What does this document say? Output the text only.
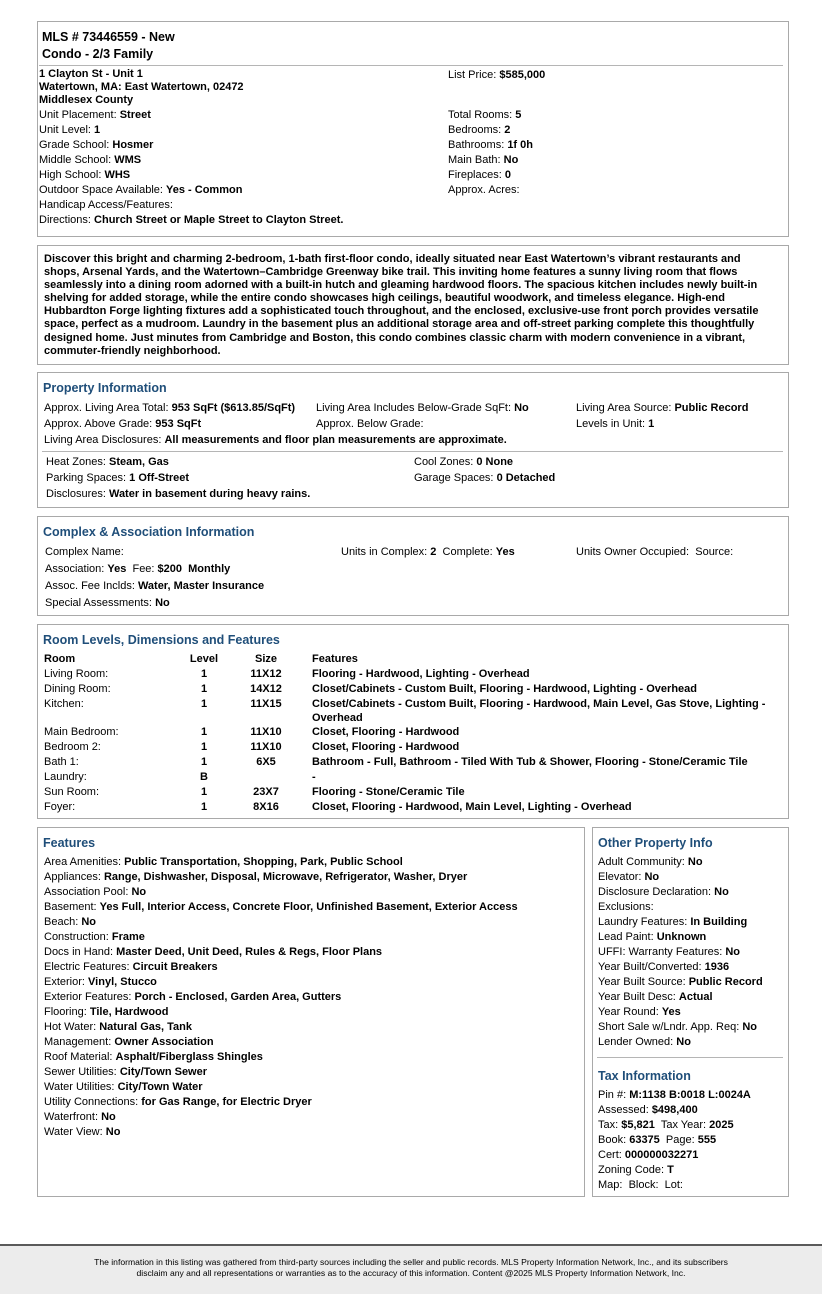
MLS # 73446559 - New
Condo - 2/3 Family
1 Clayton St - Unit 1
Watertown, MA: East Watertown, 02472
Middlesex County
List Price: $585,000
Unit Placement: Street
Unit Level: 1
Grade School: Hosmer
Middle School: WMS
High School: WHS
Outdoor Space Available: Yes - Common
Handicap Access/Features:
Directions: Church Street or Maple Street to Clayton Street.
Total Rooms: 5
Bedrooms: 2
Bathrooms: 1f 0h
Main Bath: No
Fireplaces: 0
Approx. Acres:
Discover this bright and charming 2-bedroom, 1-bath first-floor condo, ideally situated near East Watertown’s vibrant restaurants and shops, Arsenal Yards, and the Watertown–Cambridge Greenway bike trail. This inviting home features a sunny living room that flows seamlessly into a dining room adorned with a built-in hutch and gleaming hardwood floors. The spacious kitchen includes newly built-in shelving for added storage, while the entire condo showcases high ceilings, beautiful woodwork, and timeless elegance. High-end Hubbardton Forge lighting fixtures add a sophisticated touch throughout, and the enclosed, exclusive-use front porch provides versatile space, perfect as a mudroom. Laundry in the basement plus an additional storage area and off-street parking complete this thoughtfully designed home. Just minutes from Cambridge and Boston, this condo combines classic charm with modern convenience in a vibrant, commuter-friendly neighborhood.
Property Information
Approx. Living Area Total: 953 SqFt ($613.85/SqFt) Living Area Includes Below-Grade SqFt: No	Living Area Source: Public Record
Approx. Above Grade: 953 SqFt	Approx. Below Grade:	Levels in Unit: 1
Living Area Disclosures: All measurements and floor plan measurements are approximate.
Heat Zones: Steam, Gas	Cool Zones: 0 None
Parking Spaces: 1 Off-Street	Garage Spaces: 0 Detached
Disclosures: Water in basement during heavy rains.
Complex & Association Information
Complex Name:	Units in Complex: 2 Complete: Yes	Units Owner Occupied: Source:
Association: Yes Fee: $200  Monthly
Assoc. Fee Inclds: Water, Master Insurance
Special Assessments: No
Room Levels, Dimensions and Features
Room	Level	Size	Features
Living Room:	1	11X12	Flooring - Hardwood, Lighting - Overhead
Dining Room:	1	14X12	Closet/Cabinets - Custom Built, Flooring - Hardwood, Lighting - Overhead
Kitchen:	1	11X15	Closet/Cabinets - Custom Built, Flooring - Hardwood, Main Level, Gas Stove, Lighting - Overhead
Main Bedroom:	1	11X10	Closet, Flooring - Hardwood
Bedroom 2:	1	11X10	Closet, Flooring - Hardwood
Bath 1:	1	6X5	Bathroom - Full, Bathroom - Tiled With Tub & Shower, Flooring - Stone/Ceramic Tile
Laundry:	B		-
Sun Room:	1	23X7	Flooring - Stone/Ceramic Tile
Foyer:	1	8X16	Closet, Flooring - Hardwood, Main Level, Lighting - Overhead
Features
Area Amenities: Public Transportation, Shopping, Park, Public School
Appliances: Range, Dishwasher, Disposal, Microwave, Refrigerator, Washer, Dryer
Association Pool: No
Basement: Yes Full, Interior Access, Concrete Floor, Unfinished Basement, Exterior Access
Beach: No
Construction: Frame
Docs in Hand: Master Deed, Unit Deed, Rules & Regs, Floor Plans
Electric Features: Circuit Breakers
Exterior: Vinyl, Stucco
Exterior Features: Porch - Enclosed, Garden Area, Gutters
Flooring: Tile, Hardwood
Hot Water: Natural Gas, Tank
Management: Owner Association
Roof Material: Asphalt/Fiberglass Shingles
Sewer Utilities: City/Town Sewer
Water Utilities: City/Town Water
Utility Connections: for Gas Range, for Electric Dryer
Waterfront: No
Water View: No
Other Property Info
Adult Community: No
Elevator: No
Disclosure Declaration: No
Exclusions:
Laundry Features: In Building
Lead Paint: Unknown
UFFI: Warranty Features: No
Year Built/Converted: 1936
Year Built Source: Public Record
Year Built Desc: Actual
Year Round: Yes
Short Sale w/Lndr. App. Req: No
Lender Owned: No
Tax Information
Pin #: M:1138 B:0018 L:0024A
Assessed: $498,400
Tax: $5,821 Tax Year: 2025
Book: 63375 Page: 555
Cert: 000000032271
Zoning Code: T
Map:  Block:  Lot:
The information in this listing was gathered from third-party sources including the seller and public records. MLS Property Information Network, Inc., and its subscribers
disclaim any and all representations or warranties as to the accuracy of this information. Content @2025 MLS Property Information Network, Inc.
